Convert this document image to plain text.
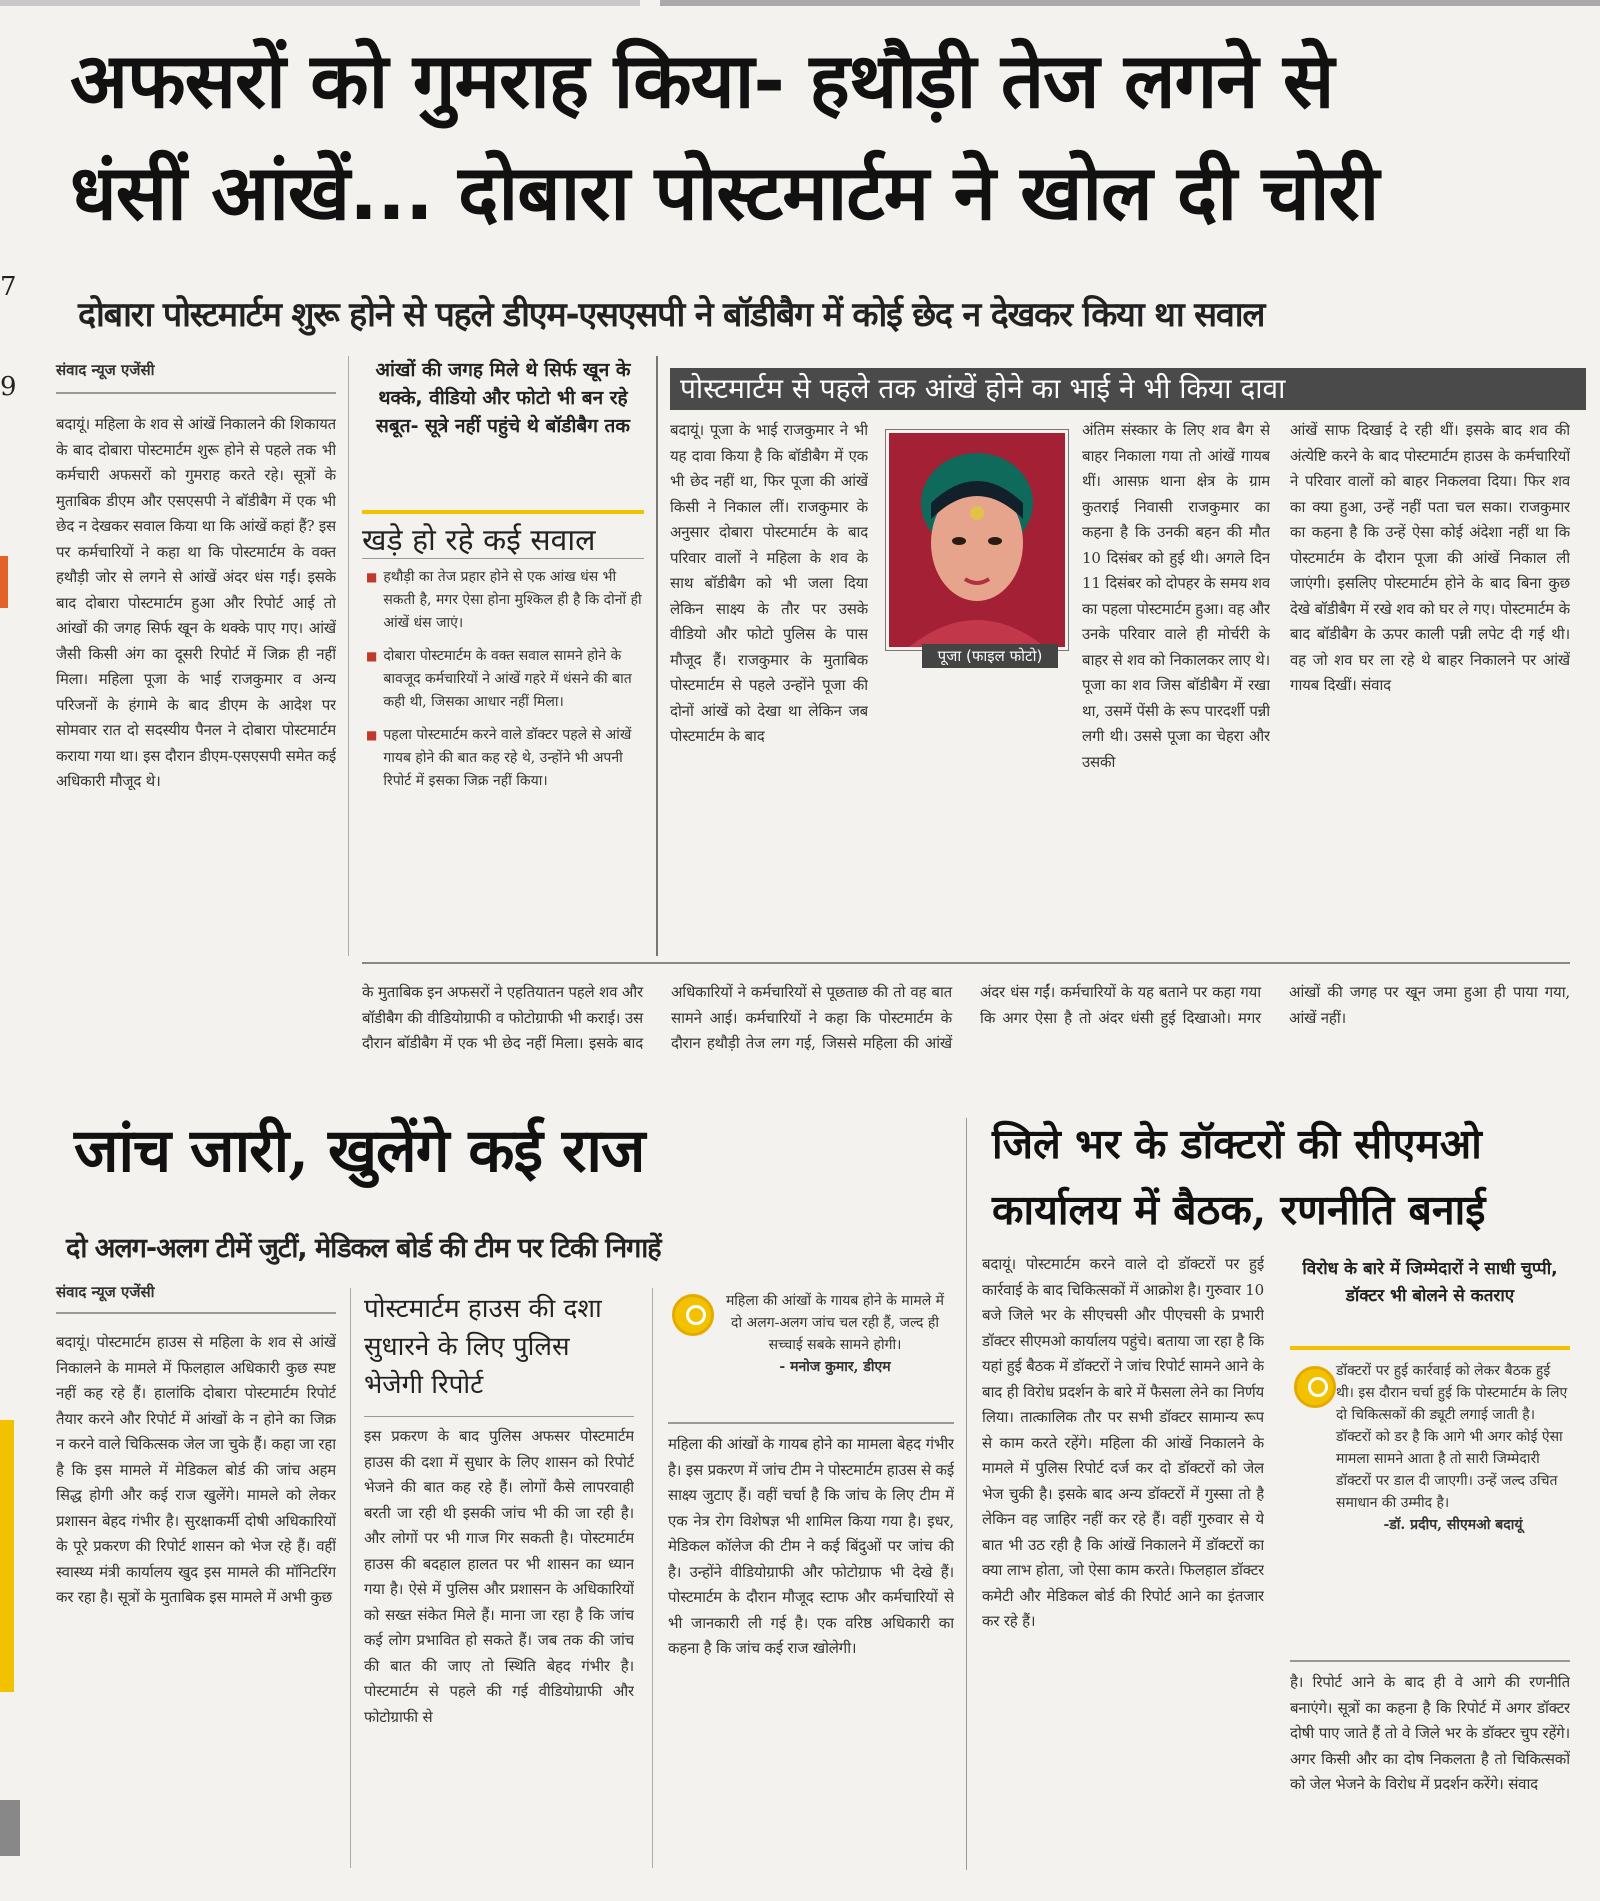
7
9
अफसरों को गुमराह किया- हथौड़ी तेज लगने से
धंसीं आंखें... दोबारा पोस्टमार्टम ने खोल दी चोरी
दोबारा पोस्टमार्टम शुरू होने से पहले डीएम-एसएसपी ने बॉडीबैग में कोई छेद न देखकर किया था सवाल
संवाद न्यूज एजेंसी
बदायूं। महिला के शव से आंखें निकालने की शिकायत के बाद दोबारा पोस्टमार्टम शुरू होने से पहले तक भी कर्मचारी अफसरों को गुमराह करते रहे। सूत्रों के मुताबिक डीएम और एसएसपी ने बॉडीबैग में एक भी छेद न देखकर सवाल किया था कि आंखें कहां हैं? इस पर कर्मचारियों ने कहा था कि पोस्टमार्टम के वक्त हथौड़ी जोर से लगने से आंखें अंदर धंस गईं। इसके बाद दोबारा पोस्टमार्टम हुआ और रिपोर्ट आई तो आंखों की जगह सिर्फ खून के थक्के पाए गए। आंखें जैसी किसी अंग का दूसरी रिपोर्ट में जिक्र ही नहीं मिला। महिला पूजा के भाई राजकुमार व अन्य परिजनों के हंगामे के बाद डीएम के आदेश पर सोमवार रात दो सदस्यीय पैनल ने दोबारा पोस्टमार्टम कराया गया था। इस दौरान डीएम-एसएसपी समेत कई अधिकारी मौजूद थे।
आंखों की जगह मिले थे सिर्फ खून के थक्के, वीडियो और फोटो भी बन रहे सबूत- सूत्रे नहीं पहुंचे थे बॉडीबैग तक
खड़े हो रहे कई सवाल
■ हथौड़ी का तेज प्रहार होने से एक आंख धंस भी सकती है, मगर ऐसा होना मुश्किल ही है कि दोनों ही आंखें धंस जाएं।
■ दोबारा पोस्टमार्टम के वक्त सवाल सामने होने के बावजूद कर्मचारियों ने आंखें गहरे में धंसने की बात कही थी, जिसका आधार नहीं मिला।
■ पहला पोस्टमार्टम करने वाले डॉक्टर पहले से आंखें गायब होने की बात कह रहे थे, उन्होंने भी अपनी रिपोर्ट में इसका जिक्र नहीं किया।
पोस्टमार्टम से पहले तक आंखें होने का भाई ने भी किया दावा
बदायूं। पूजा के भाई राजकुमार ने भी यह दावा किया है कि बॉडीबैग में एक भी छेद नहीं था, फिर पूजा की आंखें किसी ने निकाल लीं। राजकुमार के अनुसार दोबारा पोस्टमार्टम के बाद परिवार वालों ने महिला के शव के साथ बॉडीबैग को भी जला दिया लेकिन साक्ष्य के तौर पर उसके वीडियो और फोटो पुलिस के पास मौजूद हैं। राजकुमार के मुताबिक पोस्टमार्टम से पहले उन्होंने पूजा की दोनों आंखें को देखा था लेकिन जब पोस्टमार्टम के बाद
पूजा (फाइल फोटो)
अंतिम संस्कार के लिए शव बैग से बाहर निकाला गया तो आंखें गायब थीं। आसफ़ थाना क्षेत्र के ग्राम कुतराई निवासी राजकुमार का कहना है कि उनकी बहन की मौत 10 दिसंबर को हुई थी। अगले दिन 11 दिसंबर को दोपहर के समय शव का पहला पोस्टमार्टम हुआ। वह और उनके परिवार वाले ही मोर्चरी के बाहर से शव को निकालकर लाए थे। पूजा का शव जिस बॉडीबैग में रखा था, उसमें पेंसी के रूप पारदर्शी पन्नी लगी थी। उससे पूजा का चेहरा और उसकी
आंखें साफ दिखाई दे रही थीं। इसके बाद शव की अंत्येष्टि करने के बाद पोस्टमार्टम हाउस के कर्मचारियों ने परिवार वालों को बाहर निकलवा दिया। फिर शव का क्या हुआ, उन्हें नहीं पता चल सका। राजकुमार का कहना है कि उन्हें ऐसा कोई अंदेशा नहीं था कि पोस्टमार्टम के दौरान पूजा की आंखें निकाल ली जाएंगी। इसलिए पोस्टमार्टम होने के बाद बिना कुछ देखे बॉडीबैग में रखे शव को घर ले गए। पोस्टमार्टम के बाद बॉडीबैग के ऊपर काली पन्नी लपेट दी गई थी। वह जो शव घर ला रहे थे बाहर निकालने पर आंखें गायब दिखीं। संवाद
के मुताबिक इन अफसरों ने एहतियातन पहले शव और बॉडीबैग की वीडियोग्राफी व फोटोग्राफी भी कराई। उस दौरान बॉडीबैग में एक भी छेद नहीं मिला। इसके बाद अधिकारियों ने कर्मचारियों से पूछताछ की तो वह बात सामने आई। कर्मचारियों ने कहा कि पोस्टमार्टम के दौरान हथौड़ी तेज लग गई, जिससे महिला की आंखें अंदर धंस गईं। कर्मचारियों के यह बताने पर कहा गया कि अगर ऐसा है तो अंदर धंसी हुई दिखाओ। मगर आंखों की जगह पर खून जमा हुआ ही पाया गया, आंखें नहीं।
जांच जारी, खुलेंगे कई राज
दो अलग-अलग टीमें जुटीं, मेडिकल बोर्ड की टीम पर टिकी निगाहें
संवाद न्यूज एजेंसी
बदायूं। पोस्टमार्टम हाउस से महिला के शव से आंखें निकालने के मामले में फिलहाल अधिकारी कुछ स्पष्ट नहीं कह रहे हैं। हालांकि दोबारा पोस्टमार्टम रिपोर्ट तैयार करने और रिपोर्ट में आंखों के न होने का जिक्र न करने वाले चिकित्सक जेल जा चुके हैं। कहा जा रहा है कि इस मामले में मेडिकल बोर्ड की जांच अहम सिद्ध होगी और कई राज खुलेंगे। मामले को लेकर प्रशासन बेहद गंभीर है। सुरक्षाकर्मी दोषी अधिकारियों के पूरे प्रकरण की रिपोर्ट शासन को भेज रहे हैं। वहीं स्वास्थ्य मंत्री कार्यालय खुद इस मामले की मॉनिटरिंग कर रहा है। सूत्रों के मुताबिक इस मामले में अभी कुछ
पोस्टमार्टम हाउस की दशा सुधारने के लिए पुलिस भेजेगी रिपोर्ट
इस प्रकरण के बाद पुलिस अफसर पोस्टमार्टम हाउस की दशा में सुधार के लिए शासन को रिपोर्ट भेजने की बात कह रहे हैं। लोगों कैसे लापरवाही बरती जा रही थी इसकी जांच भी की जा रही है। और लोगों पर भी गाज गिर सकती है। पोस्टमार्टम हाउस की बदहाल हालत पर भी शासन का ध्यान गया है। ऐसे में पुलिस और प्रशासन के अधिकारियों को सख्त संकेत मिले हैं। माना जा रहा है कि जांच कई लोग प्रभावित हो सकते हैं। जब तक की जांच की बात की जाए तो स्थिति बेहद गंभीर है। पोस्टमार्टम से पहले की गई वीडियोग्राफी और फोटोग्राफी से
महिला की आंखों के गायब होने के मामले में दो अलग-अलग जांच चल रही हैं, जल्द ही सच्चाई सबके सामने होगी।
- मनोज कुमार, डीएम
महिला की आंखों के गायब होने का मामला बेहद गंभीर है। इस प्रकरण में जांच टीम ने पोस्टमार्टम हाउस से कई साक्ष्य जुटाए हैं। वहीं चर्चा है कि जांच के लिए टीम में एक नेत्र रोग विशेषज्ञ भी शामिल किया गया है। इधर, मेडिकल कॉलेज की टीम ने कई बिंदुओं पर जांच की है। उन्होंने वीडियोग्राफी और फोटोग्राफ भी देखे हैं। पोस्टमार्टम के दौरान मौजूद स्टाफ और कर्मचारियों से भी जानकारी ली गई है। एक वरिष्ठ अधिकारी का कहना है कि जांच कई राज खोलेगी।
जिले भर के डॉक्टरों की सीएमओ
कार्यालय में बैठक, रणनीति बनाई
बदायूं। पोस्टमार्टम करने वाले दो डॉक्टरों पर हुई कार्रवाई के बाद चिकित्सकों में आक्रोश है। गुरुवार 10 बजे जिले भर के सीएचसी और पीएचसी के प्रभारी डॉक्टर सीएमओ कार्यालय पहुंचे। बताया जा रहा है कि यहां हुई बैठक में डॉक्टरों ने जांच रिपोर्ट सामने आने के बाद ही विरोध प्रदर्शन के बारे में फैसला लेने का निर्णय लिया। तात्कालिक तौर पर सभी डॉक्टर सामान्य रूप से काम करते रहेंगे। महिला की आंखें निकालने के मामले में पुलिस रिपोर्ट दर्ज कर दो डॉक्टरों को जेल भेज चुकी है। इसके बाद अन्य डॉक्टरों में गुस्सा तो है लेकिन वह जाहिर नहीं कर रहे हैं। वहीं गुरुवार से ये बात भी उठ रही है कि आंखें निकालने में डॉक्टरों का क्या लाभ होता, जो ऐसा काम करते। फिलहाल डॉक्टर कमेटी और मेडिकल बोर्ड की रिपोर्ट आने का इंतजार कर रहे हैं।
विरोध के बारे में जिम्मेदारों ने साधी चुप्पी, डॉक्टर भी बोलने से कतराए
डॉक्टरों पर हुई कार्रवाई को लेकर बैठक हुई थी। इस दौरान चर्चा हुई कि पोस्टमार्टम के लिए दो चिकित्सकों की ड्यूटी लगाई जाती है। डॉक्टरों को डर है कि आगे भी अगर कोई ऐसा मामला सामने आता है तो सारी जिम्मेदारी डॉक्टरों पर डाल दी जाएगी। उन्हें जल्द उचित समाधान की उम्मीद है।
-डॉ. प्रदीप, सीएमओ बदायूं
है। रिपोर्ट आने के बाद ही वे आगे की रणनीति बनाएंगे। सूत्रों का कहना है कि रिपोर्ट में अगर डॉक्टर दोषी पाए जाते हैं तो वे जिले भर के डॉक्टर चुप रहेंगे। अगर किसी और का दोष निकलता है तो चिकित्सकों को जेल भेजने के विरोध में प्रदर्शन करेंगे। संवाद
